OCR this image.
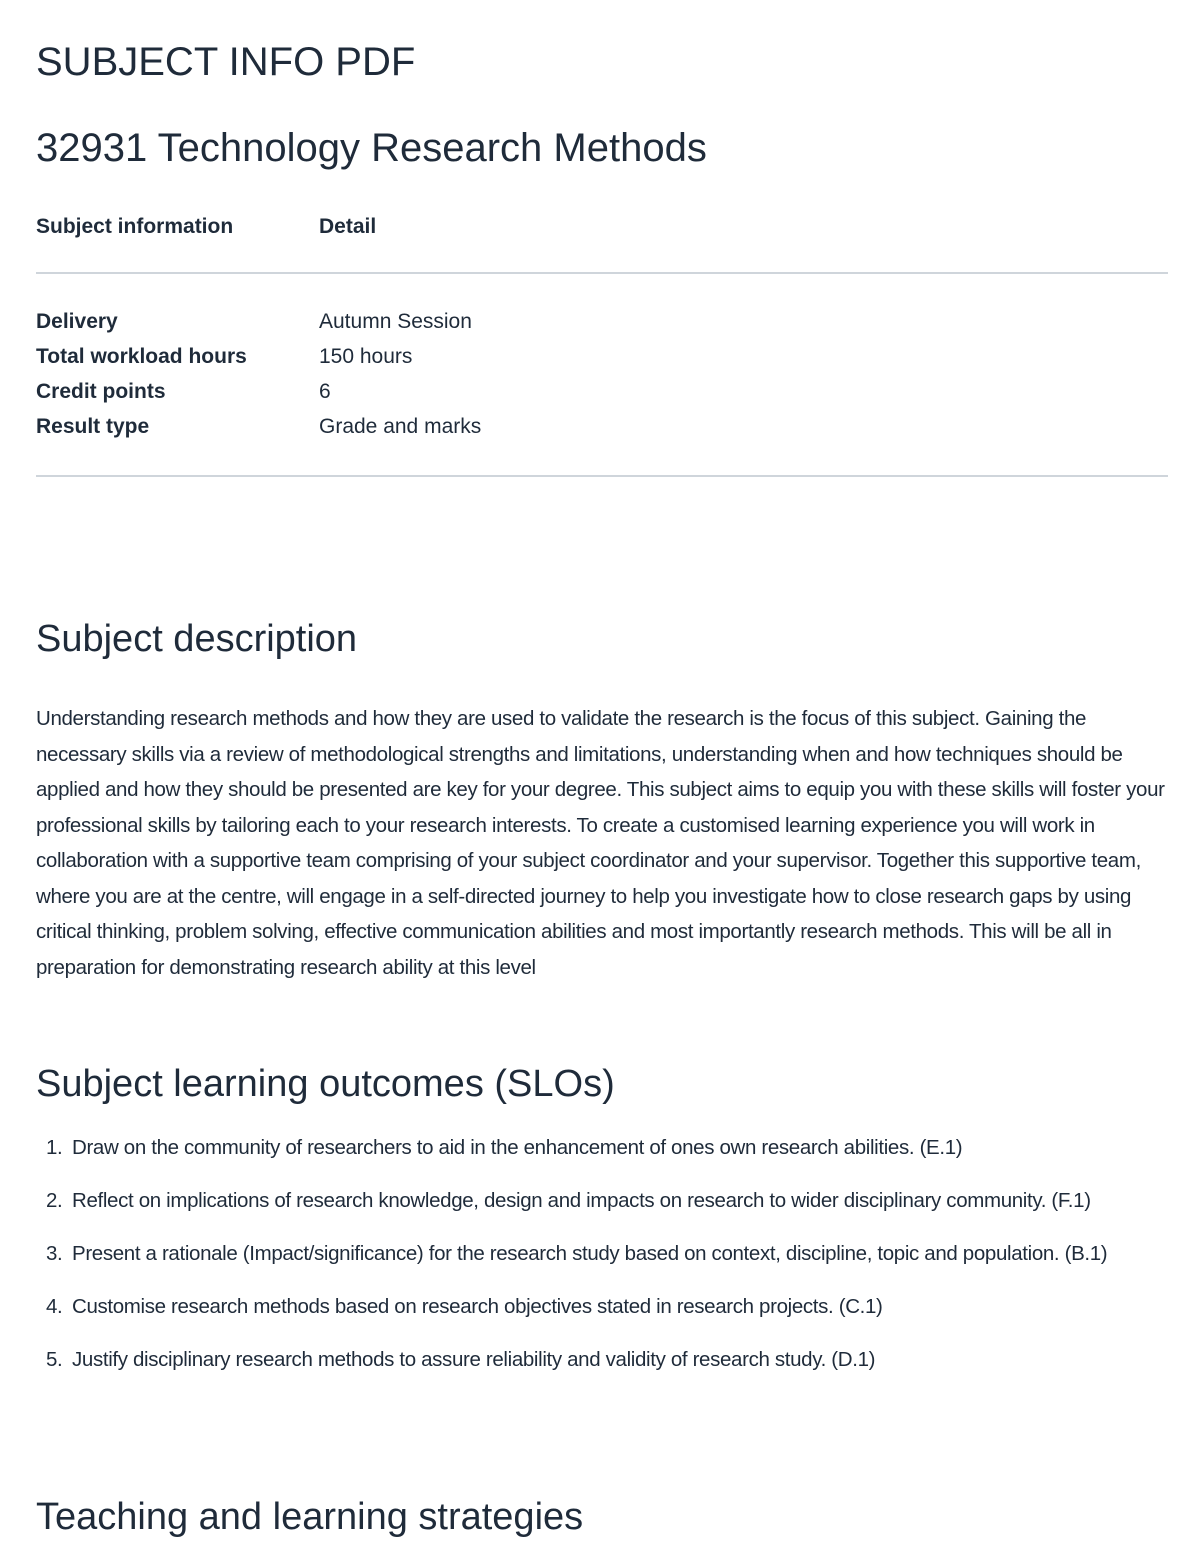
SUBJECT INFO PDF
32931 Technology Research Methods
Subject information	Detail
Delivery	Autumn Session
Total workload hours	150 hours
Credit points	6
Result type	Grade and marks
Subject description

Understanding research methods and how they are used to validate the research is the focus of this subject. Gaining the necessary skills via a review of methodological strengths and limitations, understanding when and how techniques should be applied and how they should be presented are key for your degree. This subject aims to equip you with these skills will foster your professional skills by tailoring each to your research interests. To create a customised learning experience you will work in collaboration with a supportive team comprising of your subject coordinator and your supervisor. Together this supportive team, where you are at the centre, will engage in a self-directed journey to help you investigate how to close research gaps by using critical thinking, problem solving, effective communication abilities and most importantly research methods. This will be all in preparation for demonstrating research ability at this level

Subject learning outcomes (SLOs)
1. Draw on the community of researchers to aid in the enhancement of ones own research abilities. (E.1)
2. Reflect on implications of research knowledge, design and impacts on research to wider disciplinary community. (F.1)
3. Present a rationale (Impact/significance) for the research study based on context, discipline, topic and population. (B.1)
4. Customise research methods based on research objectives stated in research projects. (C.1)
5. Justify disciplinary research methods to assure reliability and validity of research study. (D.1)
Teaching and learning strategies
